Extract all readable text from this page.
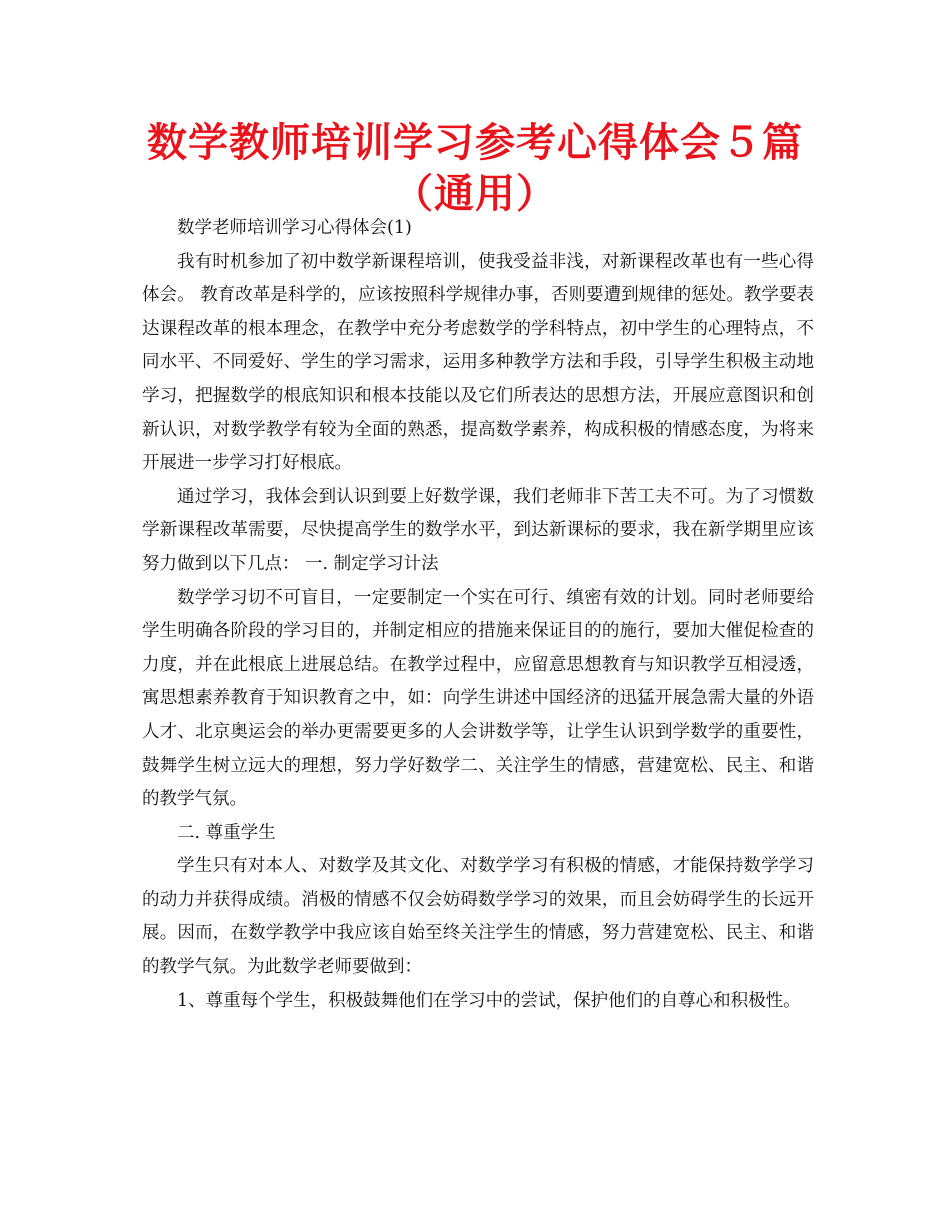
数学教师培训学习参考心得体会５篇（通用）

数学老师培训学习心得体会(1)

我有时机参加了初中数学新课程培训，使我受益非浅，对新课程改革也有一些心得体会。 教育改革是科学的，应该按照科学规律办事，否则要遭到规律的惩处。教学要表达课程改革的根本理念，在教学中充分考虑数学的学科特点，初中学生的心理特点，不同水平、不同爱好、学生的学习需求，运用多种教学方法和手段，引导学生积极主动地学习，把握数学的根底知识和根本技能以及它们所表达的思想方法，开展应意图识和创新认识，对数学教学有较为全面的熟悉，提高数学素养，构成积极的情感态度，为将来开展进一步学习打好根底。

通过学习，我体会到认识到要上好数学课，我们老师非下苦工夫不可。为了习惯数学新课程改革需要，尽快提高学生的数学水平，到达新课标的要求，我在新学期里应该努力做到以下几点： 一. 制定学习计法

数学学习切不可盲目，一定要制定一个实在可行、缜密有效的计划。同时老师要给学生明确各阶段的学习目的，并制定相应的措施来保证目的的施行，要加大催促检查的力度，并在此根底上进展总结。在教学过程中，应留意思想教育与知识教学互相浸透，寓思想素养教育于知识教育之中，如：向学生讲述中国经济的迅猛开展急需大量的外语人才、北京奥运会的举办更需要更多的人会讲数学等，让学生认识到学数学的重要性，鼓舞学生树立远大的理想，努力学好数学二、关注学生的情感，营建宽松、民主、和谐的教学气氛。

二. 尊重学生

学生只有对本人、对数学及其文化、对数学学习有积极的情感，才能保持数学学习的动力并获得成绩。消极的情感不仅会妨碍数学学习的效果，而且会妨碍学生的长远开展。因而，在数学教学中我应该自始至终关注学生的情感，努力营建宽松、民主、和谐的教学气氛。为此数学老师要做到：

1、尊重每个学生，积极鼓舞他们在学习中的尝试，保护他们的自尊心和积极性。
